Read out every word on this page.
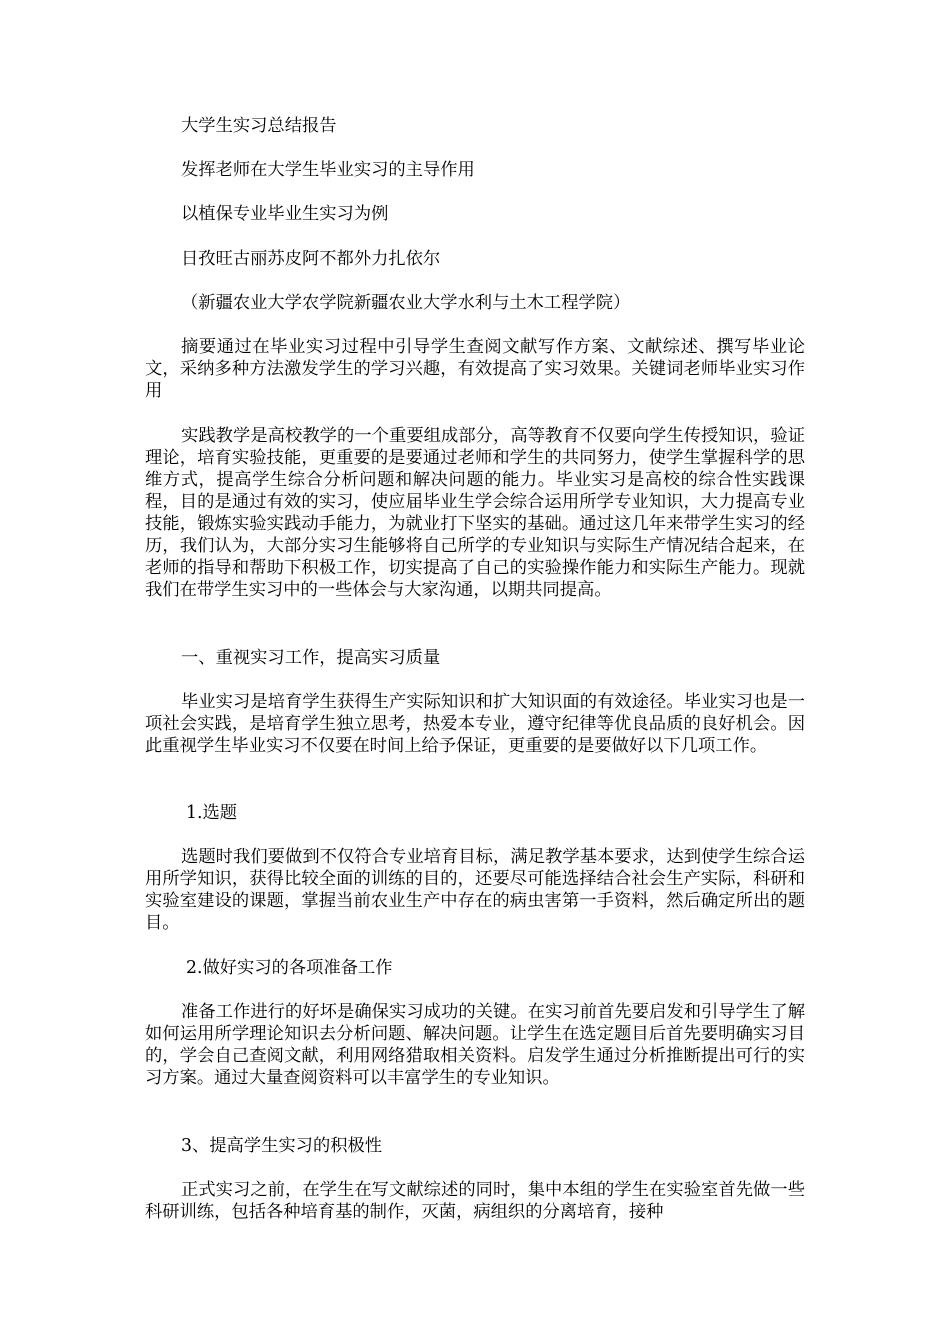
大学生实习总结报告

发挥老师在大学生毕业实习的主导作用

以植保专业毕业生实习为例

日孜旺古丽苏皮阿不都外力扎依尔

（新疆农业大学农学院新疆农业大学水利与土木工程学院）

摘要通过在毕业实习过程中引导学生查阅文献写作方案、文献综述、撰写毕业论文，采纳多种方法激发学生的学习兴趣，有效提高了实习效果。关键词老师毕业实习作用

实践教学是高校教学的一个重要组成部分，高等教育不仅要向学生传授知识，验证理论，培育实验技能，更重要的是要通过老师和学生的共同努力，使学生掌握科学的思维方式，提高学生综合分析问题和解决问题的能力。毕业实习是高校的综合性实践课程，目的是通过有效的实习，使应届毕业生学会综合运用所学专业知识，大力提高专业技能，锻炼实验实践动手能力，为就业打下坚实的基础。通过这几年来带学生实习的经历，我们认为，大部分实习生能够将自己所学的专业知识与实际生产情况结合起来，在老师的指导和帮助下积极工作，切实提高了自己的实验操作能力和实际生产能力。现就我们在带学生实习中的一些体会与大家沟通，以期共同提高。

一、重视实习工作，提高实习质量

毕业实习是培育学生获得生产实际知识和扩大知识面的有效途径。毕业实习也是一项社会实践，是培育学生独立思考，热爱本专业，遵守纪律等优良品质的良好机会。因此重视学生毕业实习不仅要在时间上给予保证，更重要的是要做好以下几项工作。

1.选题

选题时我们要做到不仅符合专业培育目标，满足教学基本要求，达到使学生综合运用所学知识，获得比较全面的训练的目的，还要尽可能选择结合社会生产实际，科研和实验室建设的课题，掌握当前农业生产中存在的病虫害第一手资料，然后确定所出的题目。

2.做好实习的各项准备工作

准备工作进行的好坏是确保实习成功的关键。在实习前首先要启发和引导学生了解如何运用所学理论知识去分析问题、解决问题。让学生在选定题目后首先要明确实习目的，学会自己查阅文献，利用网络猎取相关资料。启发学生通过分析推断提出可行的实习方案。通过大量查阅资料可以丰富学生的专业知识。

3、提高学生实习的积极性

正式实习之前，在学生在写文献综述的同时，集中本组的学生在实验室首先做一些科研训练，包括各种培育基的制作，灭菌，病组织的分离培育，接种
